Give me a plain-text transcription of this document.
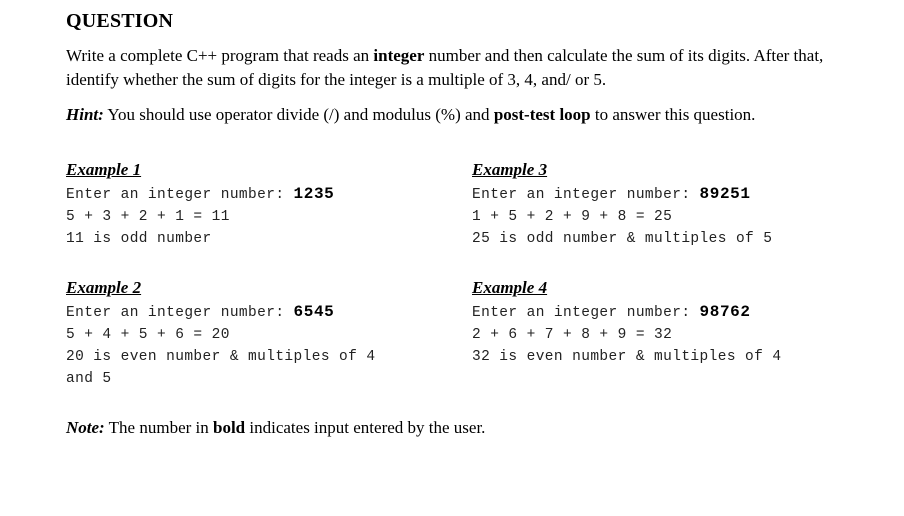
QUESTION
Write a complete C++ program that reads an integer number and then calculate the sum of its digits. After that, identify whether the sum of digits for the integer is a multiple of 3, 4, and/ or 5.
Hint: You should use operator divide (/) and modulus (%) and post-test loop to answer this question.
Example 1
Enter an integer number: 1235
5 + 3 + 2 + 1 = 11
11 is odd number
Example 3
Enter an integer number: 89251
1 + 5 + 2 + 9 + 8 = 25
25 is odd number & multiples of 5
Example 2
Enter an integer number: 6545
5 + 4 + 5 + 6 = 20
20 is even number & multiples of 4 and 5
Example 4
Enter an integer number: 98762
2 + 6 + 7 + 8 + 9 = 32
32 is even number & multiples of 4
Note: The number in bold indicates input entered by the user.
